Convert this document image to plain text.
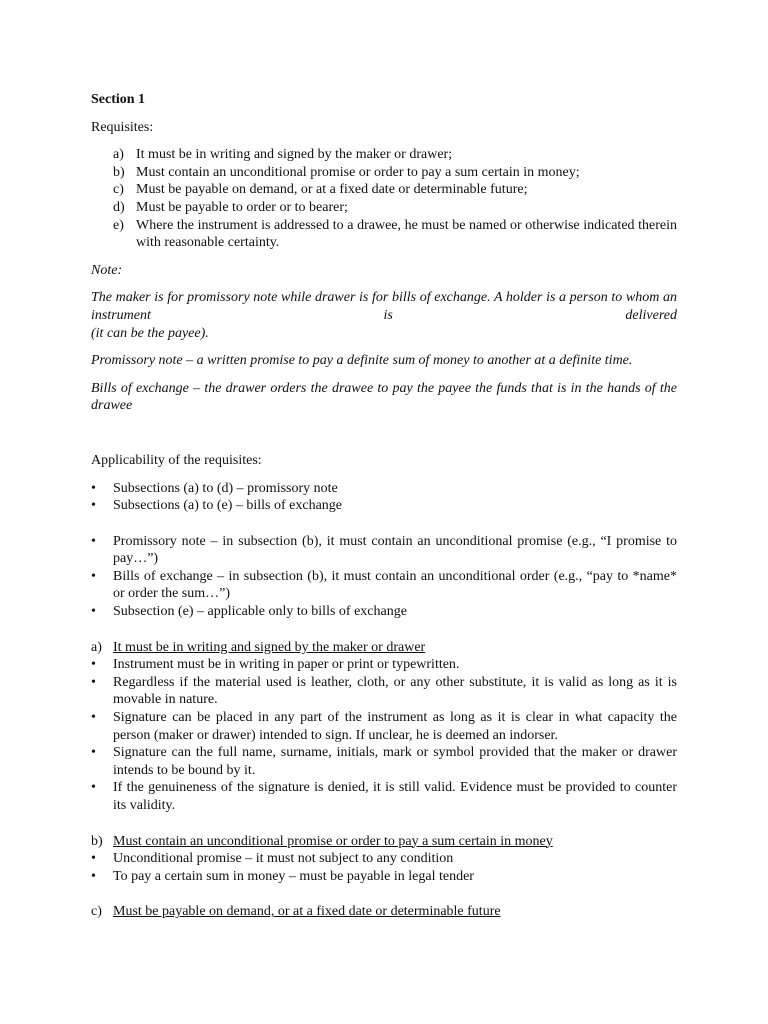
Section 1

Requisites:

a) It must be in writing and signed by the maker or drawer;
b) Must contain an unconditional promise or order to pay a sum certain in money;
c) Must be payable on demand, or at a fixed date or determinable future;
d) Must be payable to order or to bearer;
e) Where the instrument is addressed to a drawee, he must be named or otherwise indicated therein with reasonable certainty.

Note:

The maker is for promissory note while drawer is for bills of exchange. A holder is a person to whom an instrument is delivered

(it can be the payee).

Promissory note – a written promise to pay a definite sum of money to another at a definite time.

Bills of exchange – the drawer orders the drawee to pay the payee the funds that is in the hands of the drawee

Applicability of the requisites:

• Subsections (a) to (d) – promissory note
• Subsections (a) to (e) – bills of exchange
• Promissory note – in subsection (b), it must contain an unconditional promise (e.g., “I promise to pay…”)
• Bills of exchange – in subsection (b), it must contain an unconditional order (e.g., “pay to *name* or order the sum…”)
• Subsection (e) – applicable only to bills of exchange
a) It must be in writing and signed by the maker or drawer
• Instrument must be in writing in paper or print or typewritten.
• Regardless if the material used is leather, cloth, or any other substitute, it is valid as long as it is movable in nature.
• Signature can be placed in any part of the instrument as long as it is clear in what capacity the person (maker or drawer) intended to sign. If unclear, he is deemed an indorser.
• Signature can the full name, surname, initials, mark or symbol provided that the maker or drawer intends to be bound by it.
• If the genuineness of the signature is denied, it is still valid. Evidence must be provided to counter its validity.
b) Must contain an unconditional promise or order to pay a sum certain in money
• Unconditional promise – it must not subject to any condition
• To pay a certain sum in money – must be payable in legal tender
c) Must be payable on demand, or at a fixed date or determinable future
